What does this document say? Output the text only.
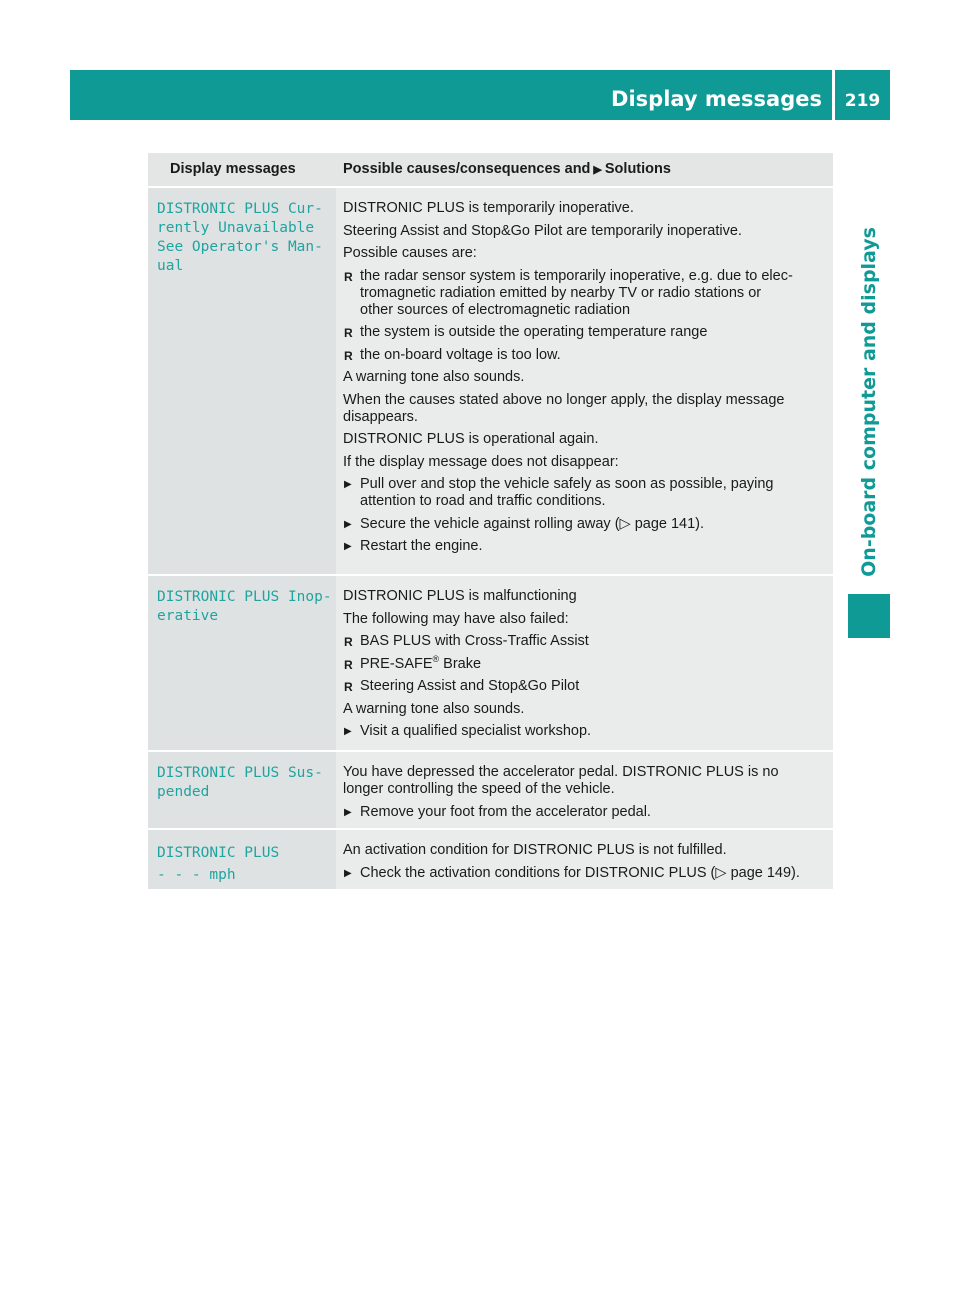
Display messages	219
On-board computer and displays
Display messages	Possible causes/consequences and ▶ Solutions
DISTRONIC PLUS Cur‐
rently Unavailable
See Operator's Man‐
ual
DISTRONIC PLUS is temporarily inoperative.
Steering Assist and Stop&Go Pilot are temporarily inoperative.
Possible causes are:
R the radar sensor system is temporarily inoperative, e.g. due to elec-
tromagnetic radiation emitted by nearby TV or radio stations or
other sources of electromagnetic radiation
R the system is outside the operating temperature range
R the on-board voltage is too low.
A warning tone also sounds.
When the causes stated above no longer apply, the display message
disappears.
DISTRONIC PLUS is operational again.
If the display message does not disappear:
▶ Pull over and stop the vehicle safely as soon as possible, paying
attention to road and traffic conditions.
▶ Secure the vehicle against rolling away (▷ page 141).
▶ Restart the engine.
DISTRONIC PLUS Inop‐
erative
DISTRONIC PLUS is malfunctioning
The following may have also failed:
R BAS PLUS with Cross-Traffic Assist
R PRE-SAFE® Brake
R Steering Assist and Stop&Go Pilot
A warning tone also sounds.
▶ Visit a qualified specialist workshop.
DISTRONIC PLUS Sus‐
pended
You have depressed the accelerator pedal. DISTRONIC PLUS is no
longer controlling the speed of the vehicle.
▶ Remove your foot from the accelerator pedal.
DISTRONIC PLUS
- - - mph
An activation condition for DISTRONIC PLUS is not fulfilled.
▶ Check the activation conditions for DISTRONIC PLUS (▷ page 149).
